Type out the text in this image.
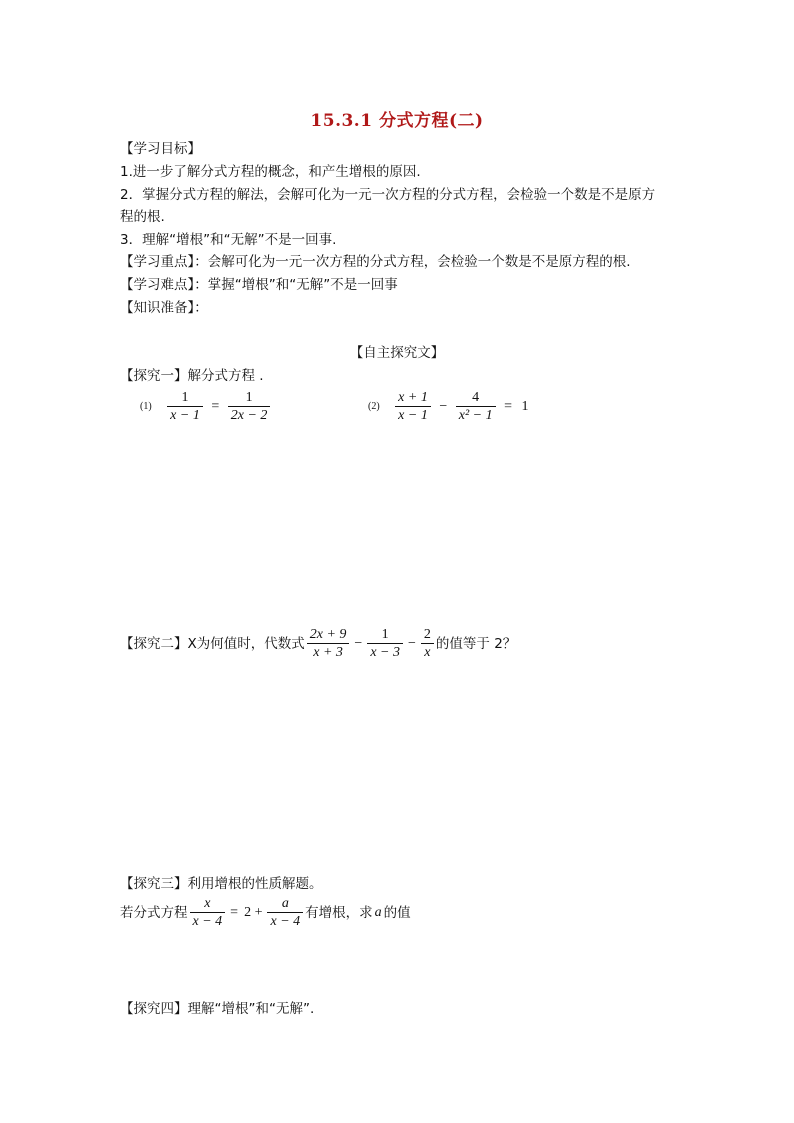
15.3.1 分式方程(二)
【学习目标】
1.进一步了解分式方程的概念，和产生增根的原因.
2．掌握分式方程的解法，会解可化为一元一次方程的分式方程，会检验一个数是不是原方
程的根.
3．理解“增根”和“无解”不是一回事.
【学习重点】：会解可化为一元一次方程的分式方程，会检验一个数是不是原方程的根.
【学习难点】：掌握“增根”和“无解”不是一回事
【知识准备】：
【自主探究文】
【探究一】解分式方程 .
$(1) \frac{1}{x - 1} = \frac{1}{2x - 2}$	$(2) \frac{x + 1}{x - 1} - \frac{4}{\text{x² − 1}} = 1$
【探究二】X为何值时，代数式 $\frac{2x + 9}{x + 3} - \frac{1}{x - 3} - \frac{2}{x}$ 的值等于 2？
【探究三】利用增根的性质解题。
若分式方程 $\frac{x}{x - 4} = 2 + \frac{a}{x - 4}$ 有增根，求 a 的值
【探究四】理解“增根”和“无解”.
